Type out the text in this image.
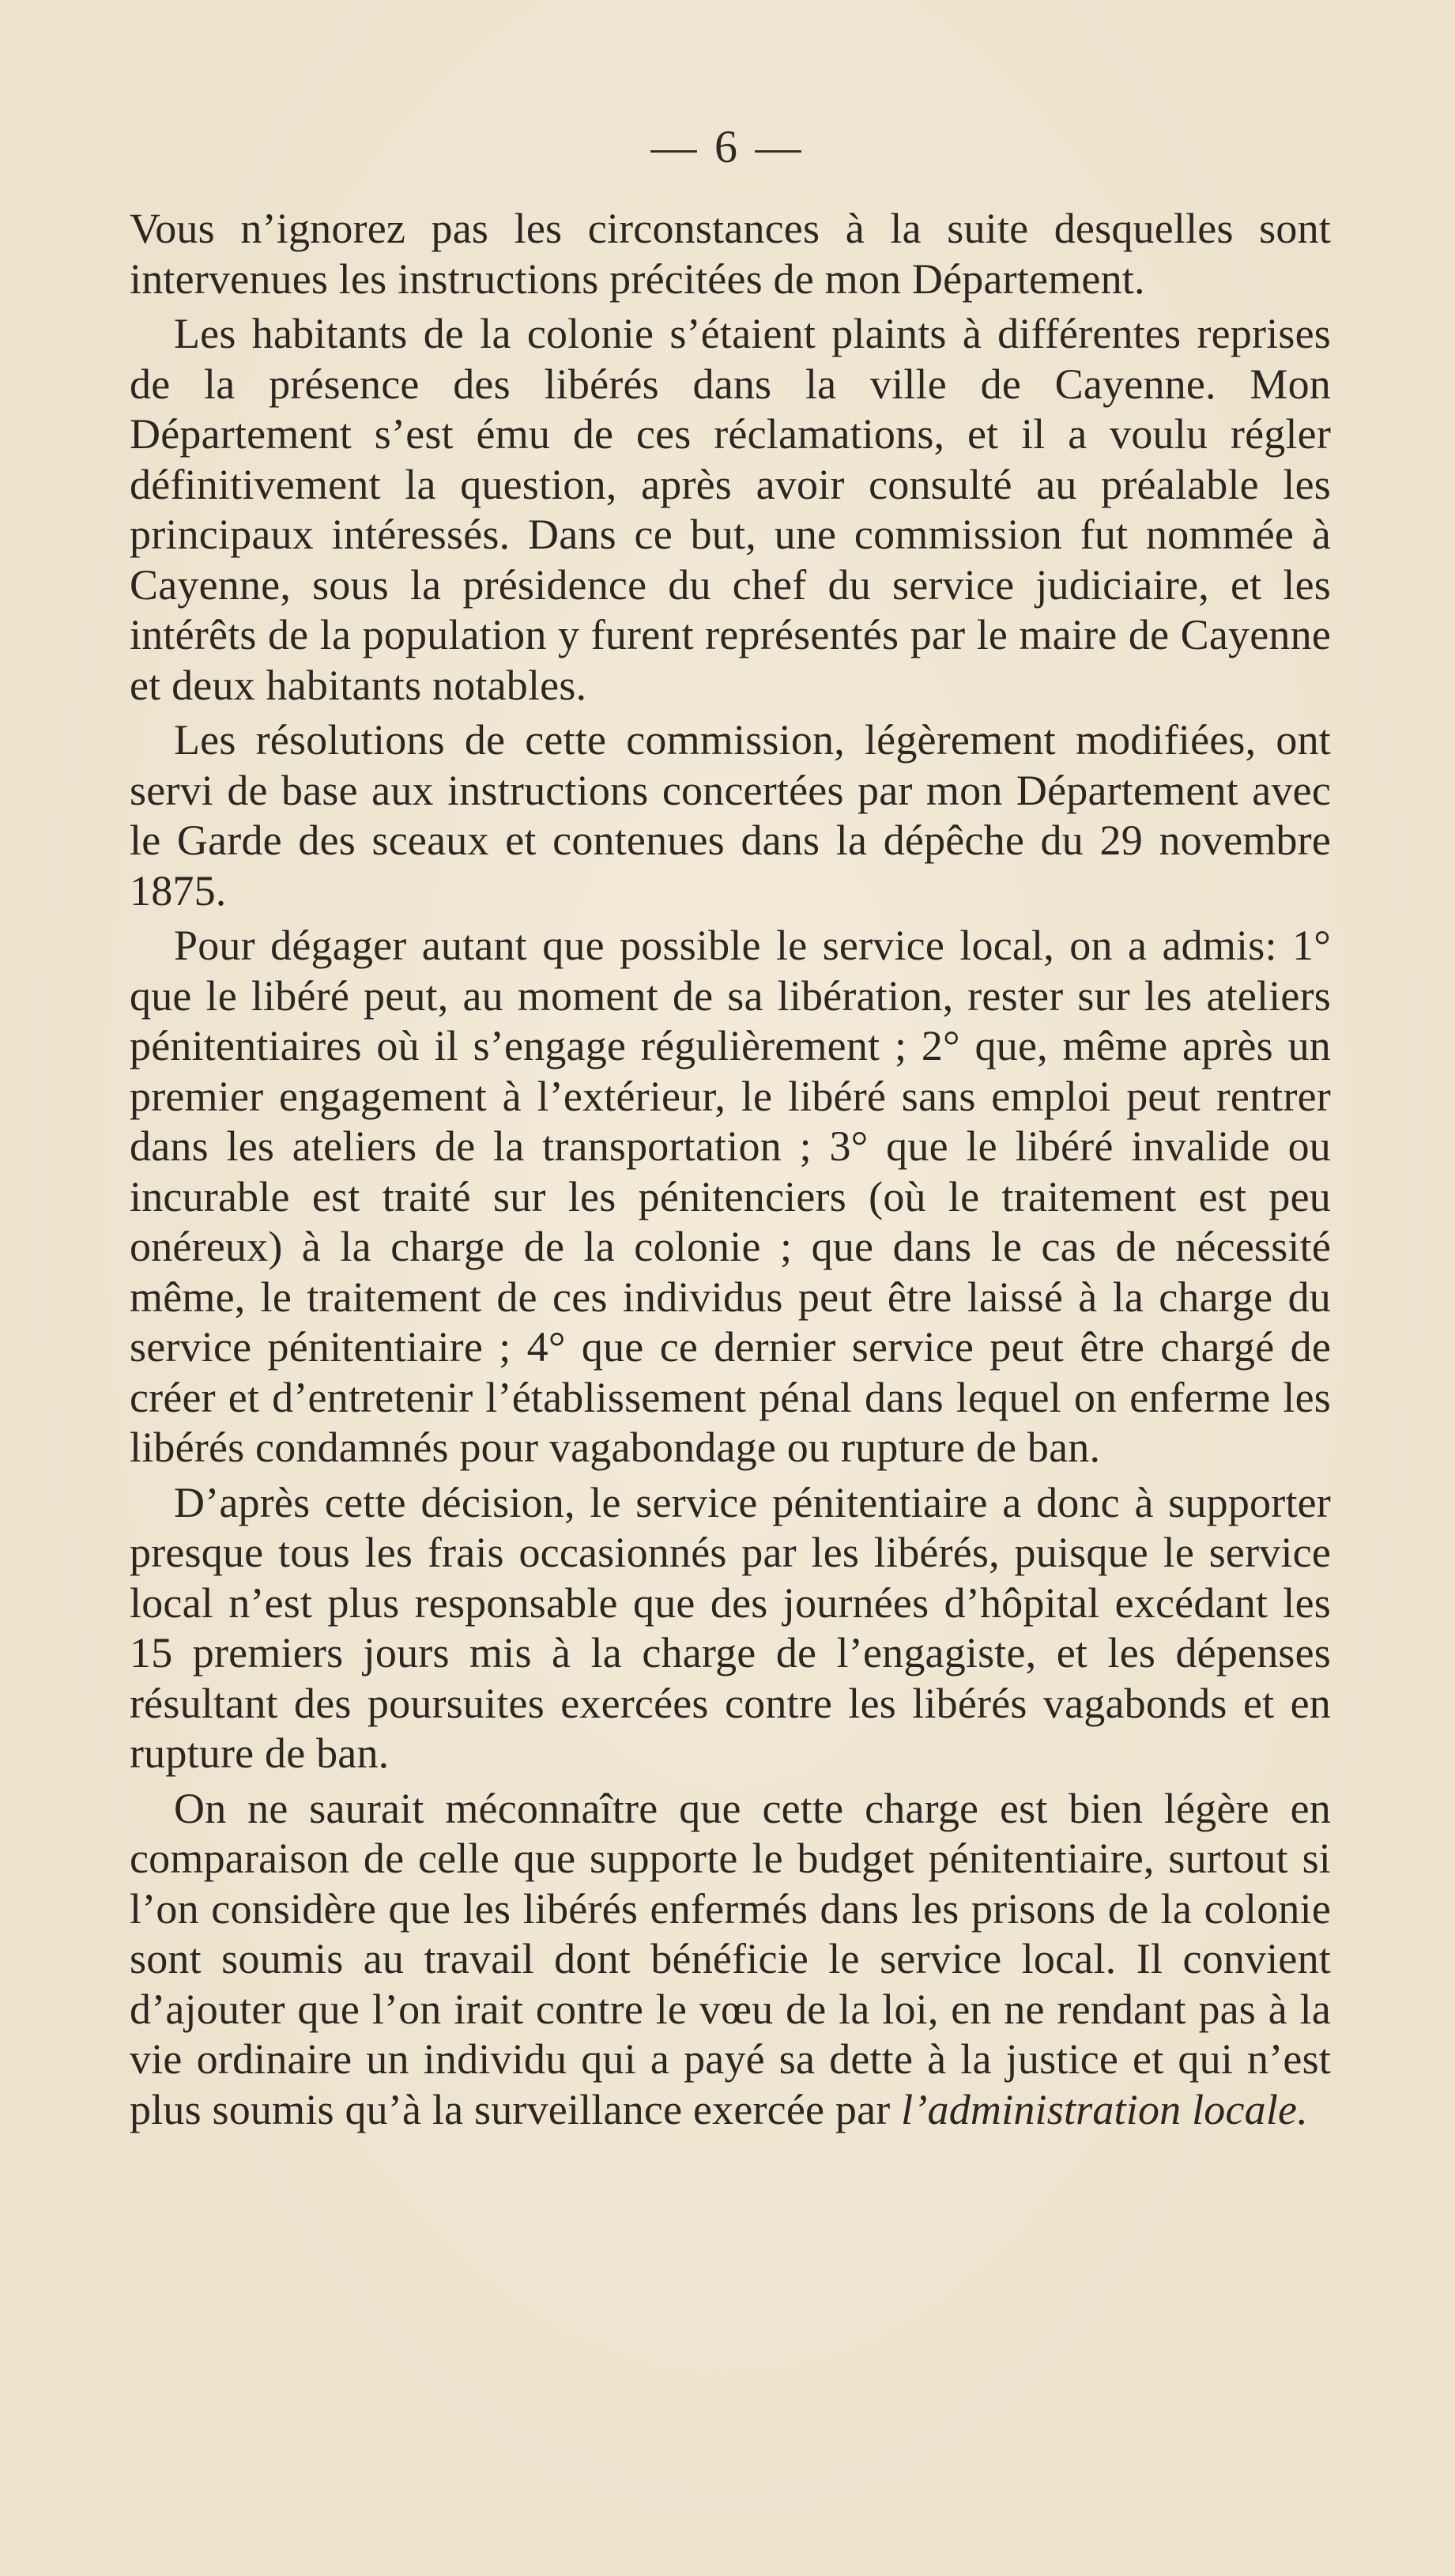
— 6 —

Vous n’ignorez pas les circonstances à la suite desquelles sont intervenues les instructions précitées de mon Département.

Les habitants de la colonie s’étaient plaints à différentes reprises de la présence des libérés dans la ville de Cayenne. Mon Département s’est ému de ces réclamations, et il a voulu régler définitivement la question, après avoir consulté au préalable les principaux intéressés. Dans ce but, une commission fut nommée à Cayenne, sous la présidence du chef du service judiciaire, et les intérêts de la population y furent représentés par le maire de Cayenne et deux habitants notables.

Les résolutions de cette commission, légèrement modifiées, ont servi de base aux instructions concertées par mon Département avec le Garde des sceaux et contenues dans la dépêche du 29 novembre 1875.

Pour dégager autant que possible le service local, on a admis: 1° que le libéré peut, au moment de sa libération, rester sur les ateliers pénitentiaires où il s’engage régulièrement ; 2° que, même après un premier engagement à l’extérieur, le libéré sans emploi peut rentrer dans les ateliers de la transportation ; 3° que le libéré invalide ou incurable est traité sur les pénitenciers (où le traitement est peu onéreux) à la charge de la colonie ; que dans le cas de nécessité même, le traitement de ces individus peut être laissé à la charge du service pénitentiaire ; 4° que ce dernier service peut être chargé de créer et d’entretenir l’établissement pénal dans lequel on enferme les libérés condamnés pour vagabondage ou rupture de ban.

D’après cette décision, le service pénitentiaire a donc à supporter presque tous les frais occasionnés par les libérés, puisque le service local n’est plus responsable que des journées d’hôpital excédant les 15 premiers jours mis à la charge de l’engagiste, et les dépenses résultant des poursuites exercées contre les libérés vagabonds et en rupture de ban.

On ne saurait méconnaître que cette charge est bien légère en comparaison de celle que supporte le budget pénitentiaire, surtout si l’on considère que les libérés enfermés dans les prisons de la colonie sont soumis au travail dont bénéficie le service local. Il convient d’ajouter que l’on irait contre le vœu de la loi, en ne rendant pas à la vie ordinaire un individu qui a payé sa dette à la justice et qui n’est plus soumis qu’à la surveillance exercée par l’administration locale.
